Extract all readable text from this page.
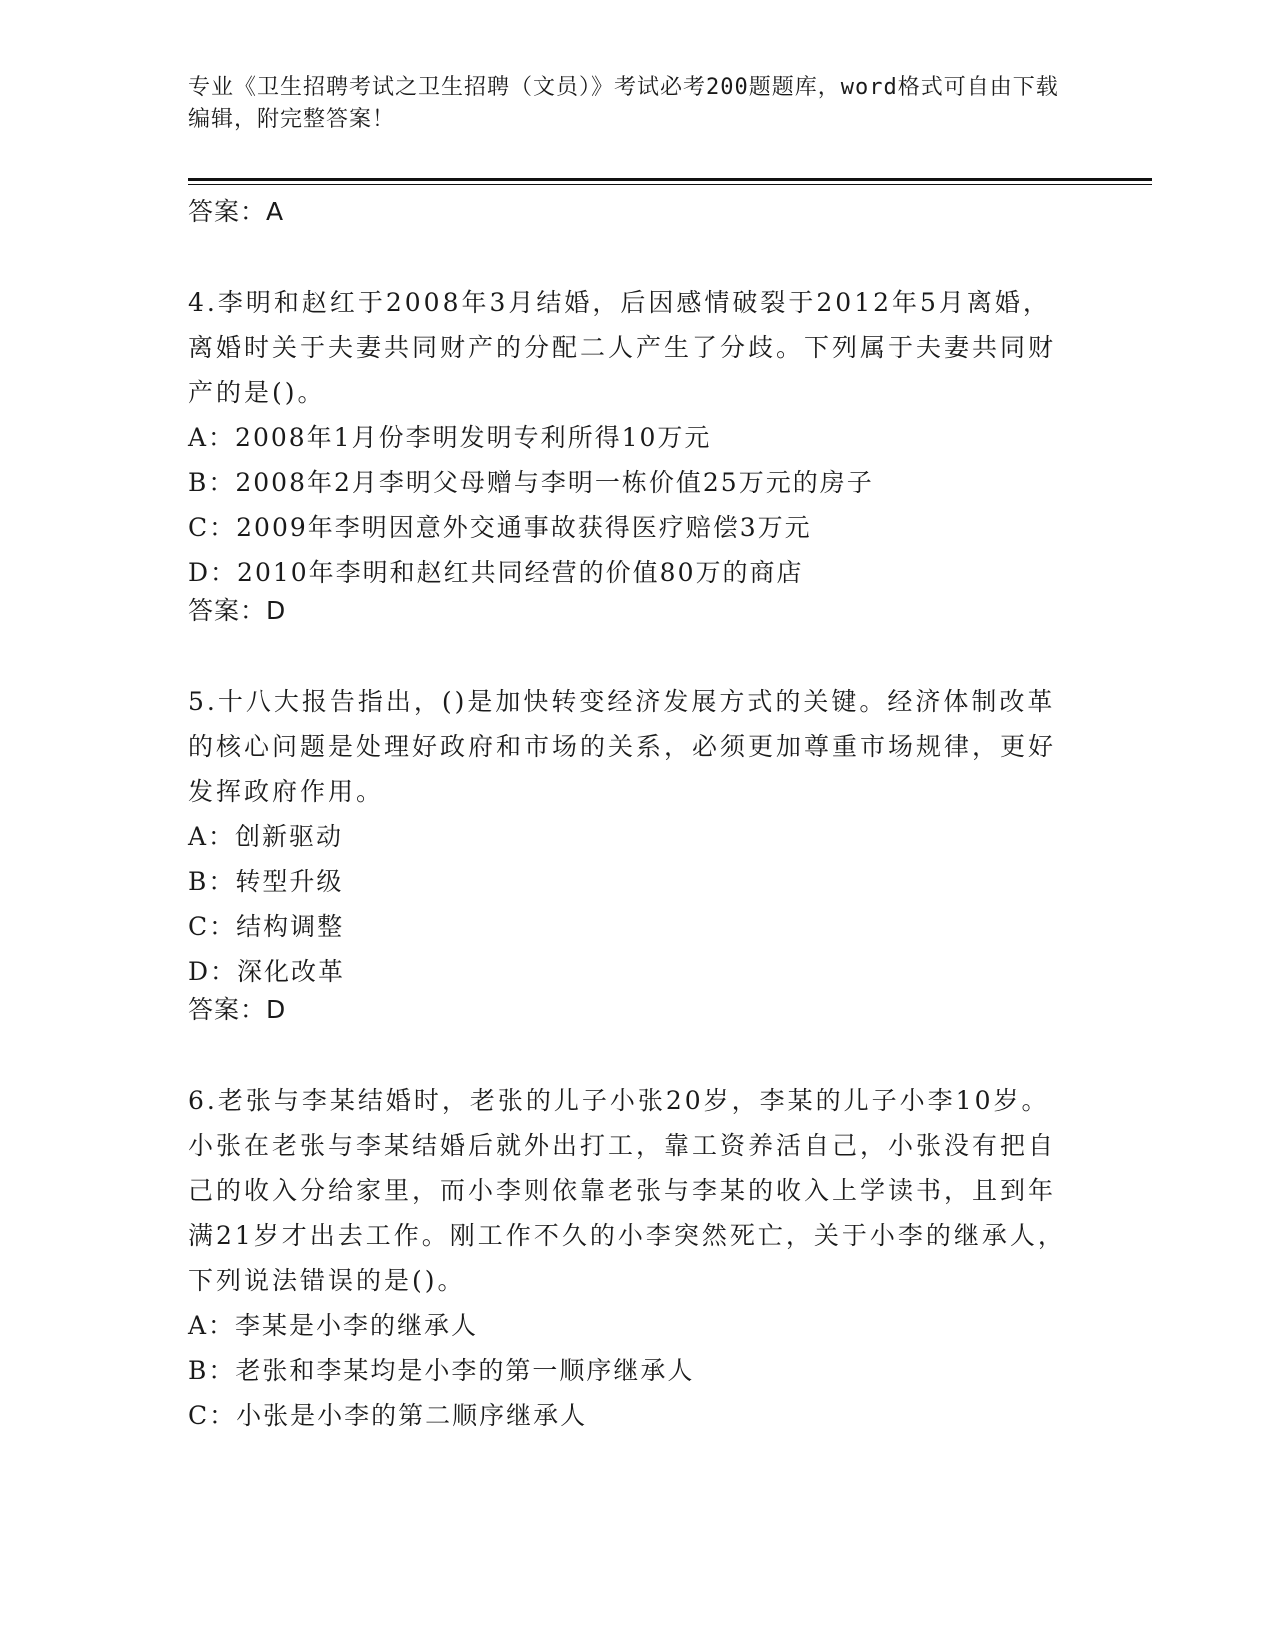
专业《卫生招聘考试之卫生招聘（文员）》考试必考200题题库，word格式可自由下载编辑，附完整答案！

答案：A

4.李明和赵红于2008年3月结婚，后因感情破裂于2012年5月离婚，离婚时关于夫妻共同财产的分配二人产生了分歧。下列属于夫妻共同财产的是()。

A：2008年1月份李明发明专利所得10万元

B：2008年2月李明父母赠与李明一栋价值25万元的房子

C：2009年李明因意外交通事故获得医疗赔偿3万元

D：2010年李明和赵红共同经营的价值80万的商店

答案：D

5.十八大报告指出，()是加快转变经济发展方式的关键。经济体制改革的核心问题是处理好政府和市场的关系，必须更加尊重市场规律，更好发挥政府作用。

A：创新驱动

B：转型升级

C：结构调整

D：深化改革

答案：D

6.老张与李某结婚时，老张的儿子小张20岁，李某的儿子小李10岁。小张在老张与李某结婚后就外出打工，靠工资养活自己，小张没有把自己的收入分给家里，而小李则依靠老张与李某的收入上学读书，且到年满21岁才出去工作。刚工作不久的小李突然死亡，关于小李的继承人，下列说法错误的是()。

A：李某是小李的继承人

B：老张和李某均是小李的第一顺序继承人

C：小张是小李的第二顺序继承人
